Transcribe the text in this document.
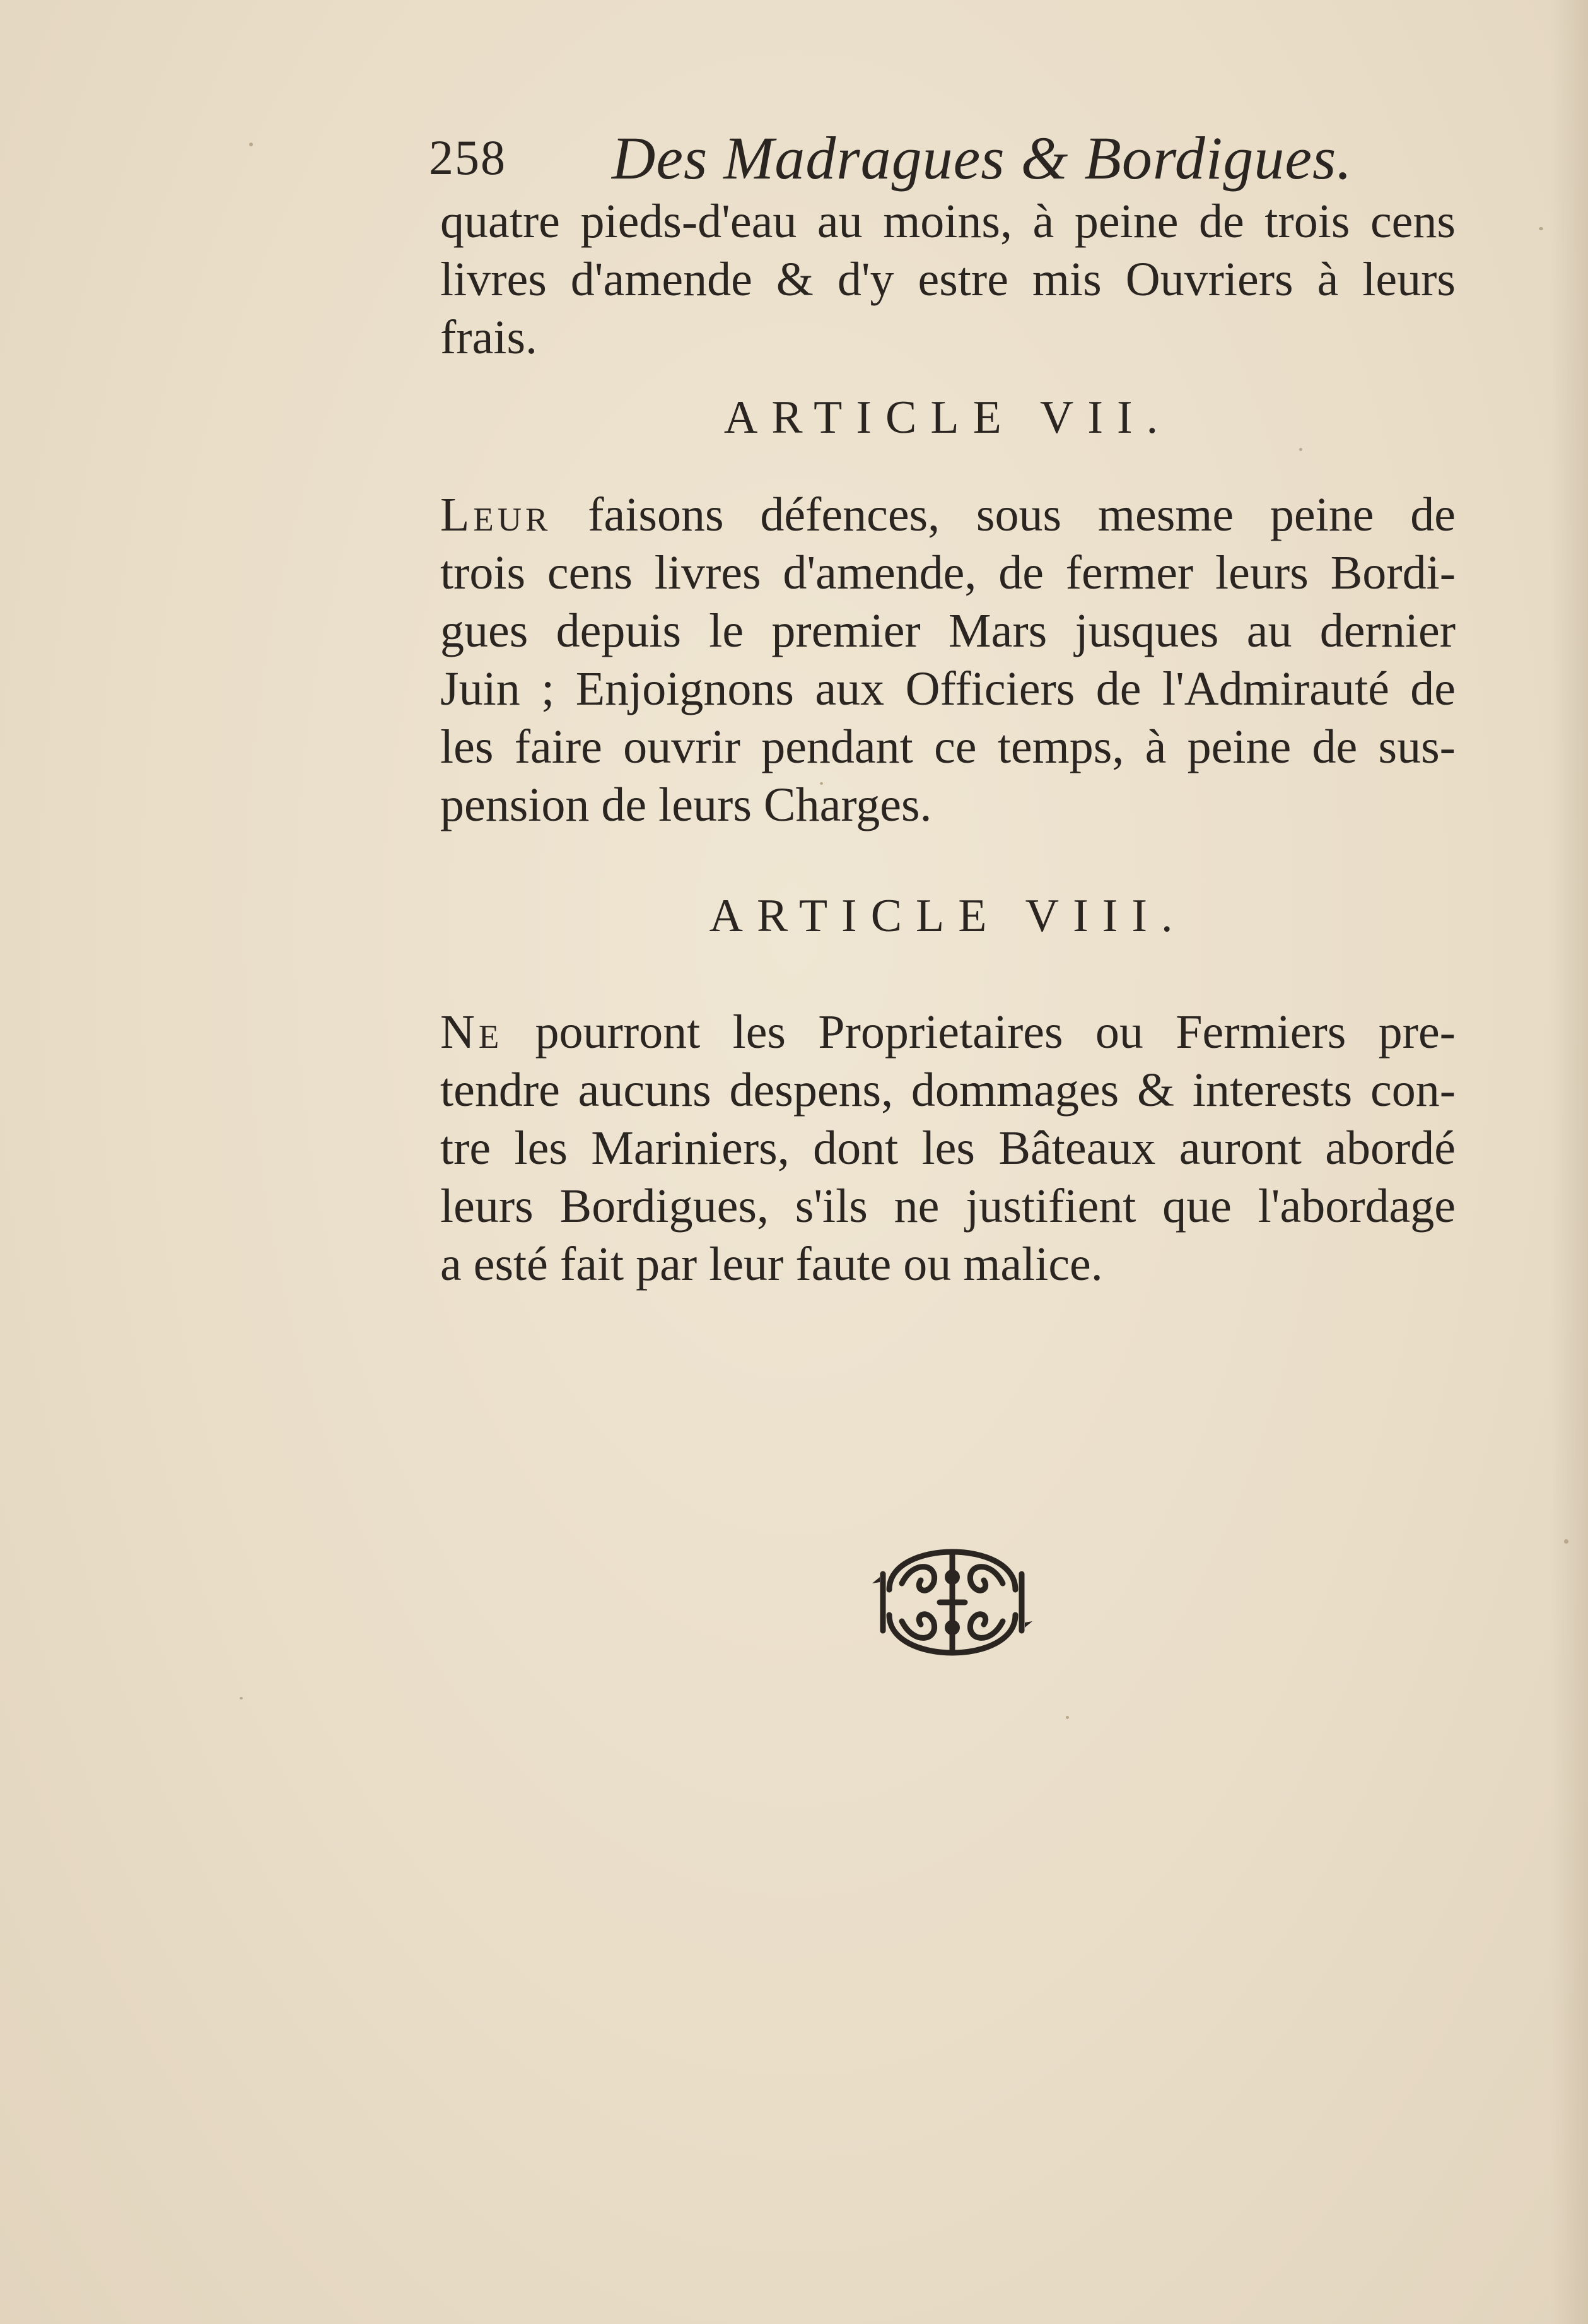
258 Des Madragues & Bordigues.
quatre pieds-d'eau au moins, à peine de trois cens
livres d'amende & d'y estre mis Ouvriers à leurs
frais.
ARTICLE VII.
Leur faisons défences, sous mesme peine de
trois cens livres d'amende, de fermer leurs Bordi-
gues depuis le premier Mars jusques au dernier
Juin ; Enjoignons aux Officiers de l'Admirauté de
les faire ouvrir pendant ce temps, à peine de sus-
pension de leurs Charges.
ARTICLE VIII.
Ne pourront les Proprietaires ou Fermiers pre-
tendre aucuns despens, dommages & interests con-
tre les Mariniers, dont les Bâteaux auront abordé
leurs Bordigues, s'ils ne justifient que l'abordage
a esté fait par leur faute ou malice.
